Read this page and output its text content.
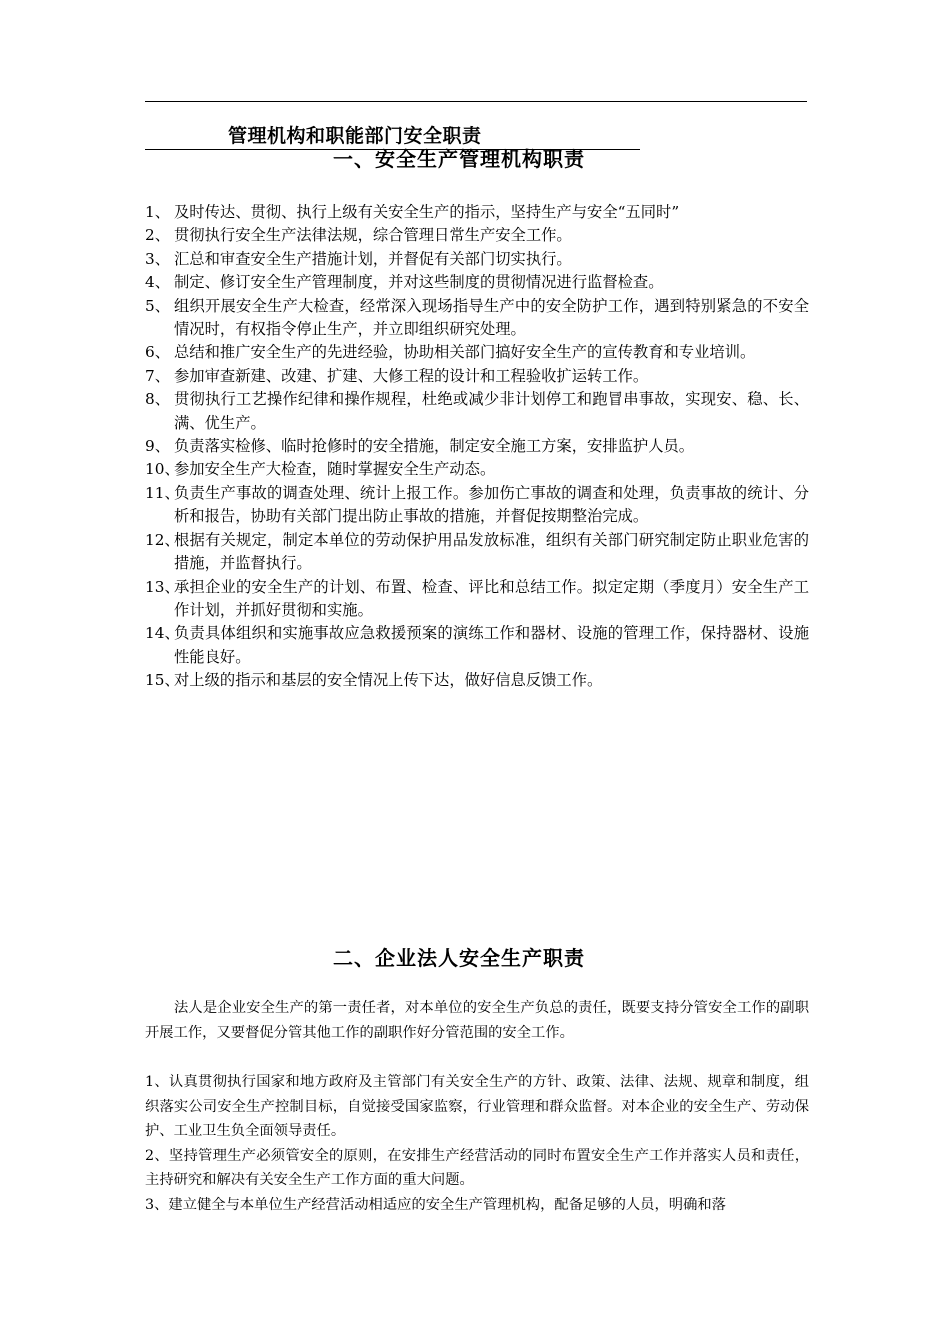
管理机构和职能部门安全职责
一、安全生产管理机构职责
1、 及时传达、贯彻、执行上级有关安全生产的指示，坚持生产与安全“五同时”
2、 贯彻执行安全生产法律法规，综合管理日常生产安全工作。
3、 汇总和审查安全生产措施计划，并督促有关部门切实执行。
4、 制定、修订安全生产管理制度，并对这些制度的贯彻情况进行监督检查。
5、 组织开展安全生产大检查，经常深入现场指导生产中的安全防护工作，遇到特别紧急的不安全情况时，有权指令停止生产，并立即组织研究处理。
6、 总结和推广安全生产的先进经验，协助相关部门搞好安全生产的宣传教育和专业培训。
7、 参加审查新建、改建、扩建、大修工程的设计和工程验收扩运转工作。
8、 贯彻执行工艺操作纪律和操作规程，杜绝或减少非计划停工和跑冒串事故，实现安、稳、长、满、优生产。
9、 负责落实检修、临时抢修时的安全措施，制定安全施工方案，安排监护人员。
10、
参加安全生产大检查，随时掌握安全生产动态。
11、
负责生产事故的调查处理、统计上报工作。参加伤亡事故的调查和处理，负责事故的统计、分析和报告，协助有关部门提出防止事故的措施，并督促按期整治完成。
12、
根据有关规定，制定本单位的劳动保护用品发放标准，组织有关部门研究制定防止职业危害的措施，并监督执行。
13、
承担企业的安全生产的计划、布置、检查、评比和总结工作。拟定定期（季度月）安全生产工作计划，并抓好贯彻和实施。
14、
负责具体组织和实施事故应急救援预案的演练工作和器材、设施的管理工作，保持器材、设施性能良好。
15、
对上级的指示和基层的安全情况上传下达，做好信息反馈工作。
二、企业法人安全生产职责

法人是企业安全生产的第一责任者，对本单位的安全生产负总的责任，既要支持分管安全工作的副职开展工作，又要督促分管其他工作的副职作好分管范围的安全工作。

1、认真贯彻执行国家和地方政府及主管部门有关安全生产的方针、政策、法律、法规、规章和制度，组织落实公司安全生产控制目标，自觉接受国家监察，行业管理和群众监督。对本企业的安全生产、劳动保护、工业卫生负全面领导责任。
2、坚持管理生产必须管安全的原则，在安排生产经营活动的同时布置安全生产工作并落实人员和责任，主持研究和解决有关安全生产工作方面的重大问题。
3、建立健全与本单位生产经营活动相适应的安全生产管理机构，配备足够的人员，明确和落
